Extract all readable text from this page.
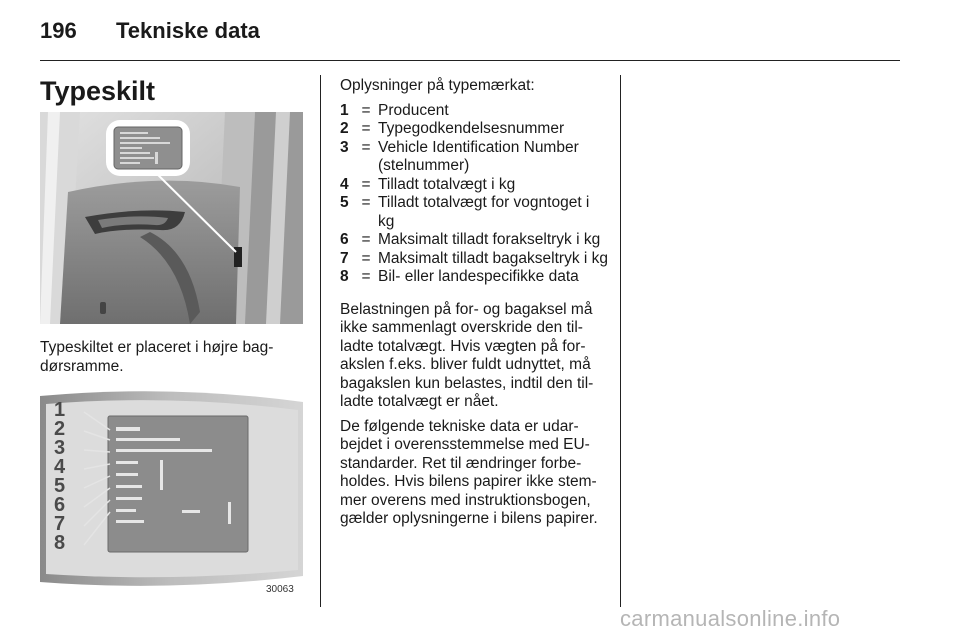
196 Tekniske data
Typeskilt
Typeskiltet er placeret i højre bag-dørsramme.
1
2
3
4
5
6
7
8
30063

Oplysninger på typemærkat:

1 = Producent
2 = Typegodkendelsesnummer
3 = Vehicle Identification Number (stelnummer)
4 = Tilladt totalvægt i kg
5 = Tilladt totalvægt for vogntoget i kg
6 = Maksimalt tilladt forakseltryk i kg
7 = Maksimalt tilladt bagakseltryk i kg
8 = Bil- eller landespecifikke data

Belastningen på for- og bagaksel må ikke sammenlagt overskride den til-ladte totalvægt. Hvis vægten på for-akslen f.eks. bliver fuldt udnyttet, må bagakslen kun belastes, indtil den til-ladte totalvægt er nået.

De følgende tekniske data er udar-bejdet i overensstemmelse med EU-standarder. Ret til ændringer forbe-holdes. Hvis bilens papirer ikke stem-mer overens med instruktionsbogen, gælder oplysningerne i bilens papirer.

carmanualsonline.info
